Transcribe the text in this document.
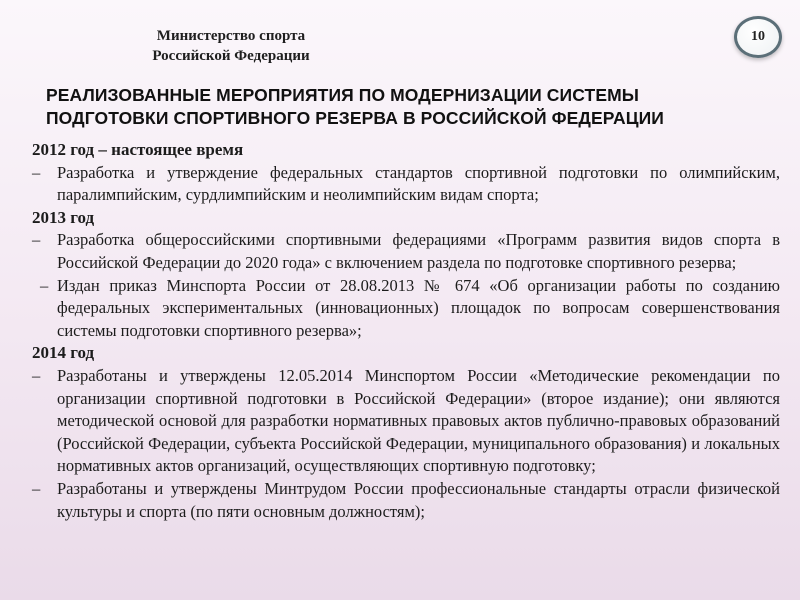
Министерство спорта
Российской Федерации
10
РЕАЛИЗОВАННЫЕ МЕРОПРИЯТИЯ ПО МОДЕРНИЗАЦИИ СИСТЕМЫ
ПОДГОТОВКИ СПОРТИВНОГО РЕЗЕРВА В РОССИЙСКОЙ ФЕДЕРАЦИИ
2012 год – настоящее время
– Разработка и утверждение федеральных стандартов спортивной подготовки по олимпийским, паралимпийским, сурдлимпийским и неолимпийским видам спорта;
2013 год
– Разработка общероссийскими спортивными федерациями «Программ развития видов спорта в Российской Федерации до 2020 года» с включением раздела по подготовке спортивного резерва;
– Издан приказ Минспорта России от 28.08.2013 № 674 «Об организации работы по созданию федеральных экспериментальных (инновационных) площадок по вопросам совершенствования системы подготовки спортивного резерва»;
2014 год
– Разработаны и утверждены 12.05.2014 Минспортом России «Методические рекомендации по организации спортивной подготовки в Российской Федерации» (второе издание); они являются методической основой для разработки нормативных правовых актов публично-правовых образований (Российской Федерации, субъекта Российской Федерации, муниципального образования) и локальных нормативных актов организаций, осуществляющих спортивную подготовку;
– Разработаны и утверждены Минтрудом России профессиональные стандарты отрасли физической культуры и спорта (по пяти основным должностям);
